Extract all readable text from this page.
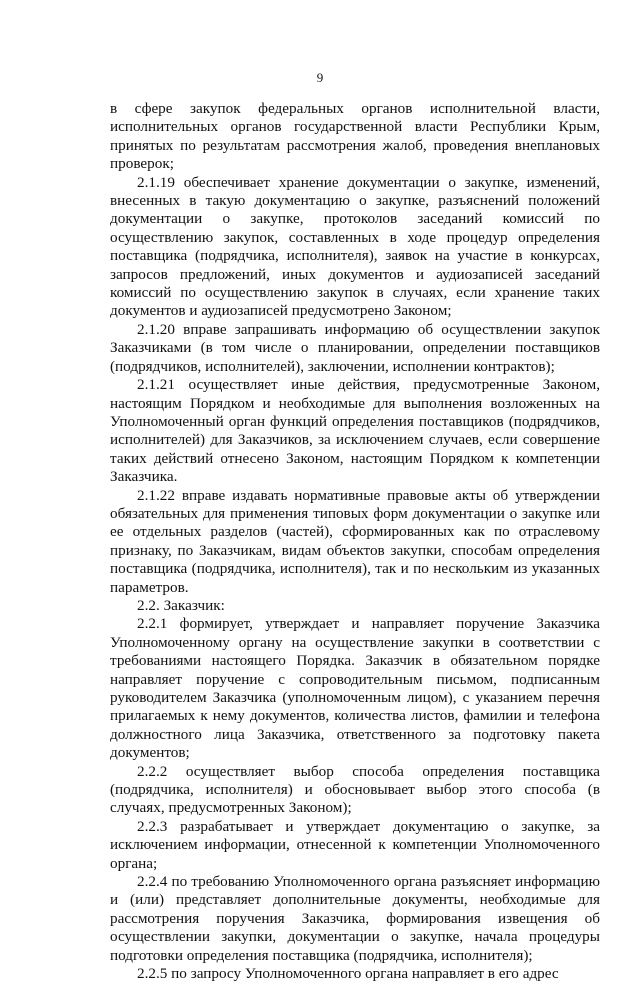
9

в сфере закупок федеральных органов исполнительной власти, исполнительных органов государственной власти Республики Крым, принятых по результатам рассмотрения жалоб, проведения внеплановых проверок;

2.1.19 обеспечивает хранение документации о закупке, изменений, внесенных в такую документацию о закупке, разъяснений положений документации о закупке, протоколов заседаний комиссий по осуществлению закупок, составленных в ходе процедур определения поставщика (подрядчика, исполнителя), заявок на участие в конкурсах, запросов предложений, иных документов и аудиозаписей заседаний комиссий по осуществлению закупок в случаях, если хранение таких документов и аудиозаписей предусмотрено Законом;

2.1.20 вправе запрашивать информацию об осуществлении закупок Заказчиками (в том числе о планировании, определении поставщиков (подрядчиков, исполнителей), заключении, исполнении контрактов);

2.1.21 осуществляет иные действия, предусмотренные Законом, настоящим Порядком и необходимые для выполнения возложенных на Уполномоченный орган функций определения поставщиков (подрядчиков, исполнителей) для Заказчиков, за исключением случаев, если совершение таких действий отнесено Законом, настоящим Порядком к компетенции Заказчика.

2.1.22 вправе издавать нормативные правовые акты об утверждении обязательных для применения типовых форм документации о закупке или ее отдельных разделов (частей), сформированных как по отраслевому признаку, по Заказчикам, видам объектов закупки, способам определения поставщика (подрядчика, исполнителя), так и по нескольким из указанных параметров.

2.2. Заказчик:

2.2.1 формирует, утверждает и направляет поручение Заказчика Уполномоченному органу на осуществление закупки в соответствии с требованиями настоящего Порядка. Заказчик в обязательном порядке направляет поручение с сопроводительным письмом, подписанным руководителем Заказчика (уполномоченным лицом), с указанием перечня прилагаемых к нему документов, количества листов, фамилии и телефона должностного лица Заказчика, ответственного за подготовку пакета документов;

2.2.2 осуществляет выбор способа определения поставщика (подрядчика, исполнителя) и обосновывает выбор этого способа (в случаях, предусмотренных Законом);

2.2.3 разрабатывает и утверждает документацию о закупке, за исключением информации, отнесенной к компетенции Уполномоченного органа;

2.2.4 по требованию Уполномоченного органа разъясняет информацию и (или) представляет дополнительные документы, необходимые для рассмотрения поручения Заказчика, формирования извещения об осуществлении закупки, документации о закупке, начала процедуры подготовки определения поставщика (подрядчика, исполнителя);

2.2.5 по запросу Уполномоченного органа направляет в его адрес
